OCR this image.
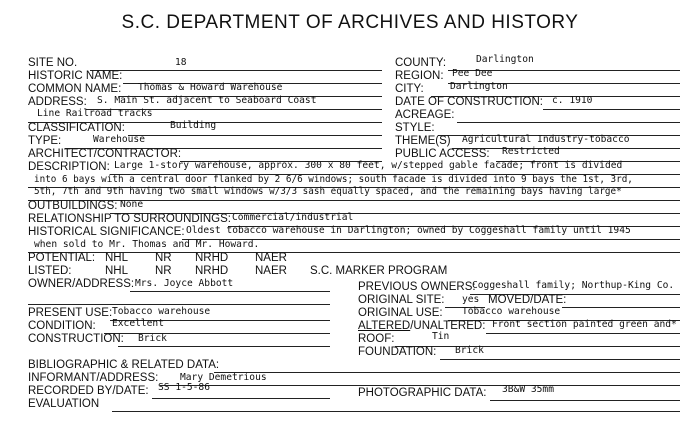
S.C. DEPARTMENT OF ARCHIVES AND HISTORY
SITE NO.	18	COUNTY:	Darlington
HISTORIC NAME:	REGION: Pee Dee
COMMON NAME: Thomas & Howard Warehouse	CITY:	Darlington
ADDRESS: S. Main St. adjacent to Seaboard Coast	DATE OF CONSTRUCTION: c. 1910
Line Railroad tracks	ACREAGE:
CLASSIFICATION:	Building	STYLE:
TYPE:	Warehouse	THEME(S) Agricultural Industry-tobacco
ARCHITECT/CONTRACTOR:	PUBLIC ACCESS: Restricted
DESCRIPTION: Large 1-story warehouse, approx. 300 x 80 feet, w/stepped gable facade; front is divided
into 6 bays with a central door flanked by 2 6/6 windows; south facade is divided into 9 bays the 1st, 3rd,
5th, 7th and 9th having two small windows w/3/3 sash equally spaced, and the remaining bays having large*
OUTBUILDINGS: None
RELATIONSHIP TO SURROUNDINGS: Commercial/industrial
HISTORICAL SIGNIFICANCE: Oldest tobacco warehouse in Darlington; owned by Coggeshall family until 1945
when sold to Mr. Thomas and Mr. Howard.
POTENTIAL: NHL NR NRHD NAER
LISTED:	NHL NR NRHD NAER S.C. MARKER PROGRAM
OWNER/ADDRESS: Mrs. Joyce Abbott	PREVIOUS OWNERS:
Coggeshall family; Northup-King Co.
ORIGINAL SITE: yes MOVED/DATE:
PRESENT USE: Tobacco warehouse	ORIGINAL USE: Tobacco warehouse
CONDITION: Excellent	ALTERED/UNALTERED: Front section painted green and*
CONSTRUCTION: Brick	ROOF:	Tin
FOUNDATION: Brick
BIBLIOGRAPHIC & RELATED DATA:
INFORMANT/ADDRESS: Mary Demetrious
RECORDED BY/DATE: SS 1-5-86	PHOTOGRAPHIC DATA: 3B&W 35mm
EVALUATION
